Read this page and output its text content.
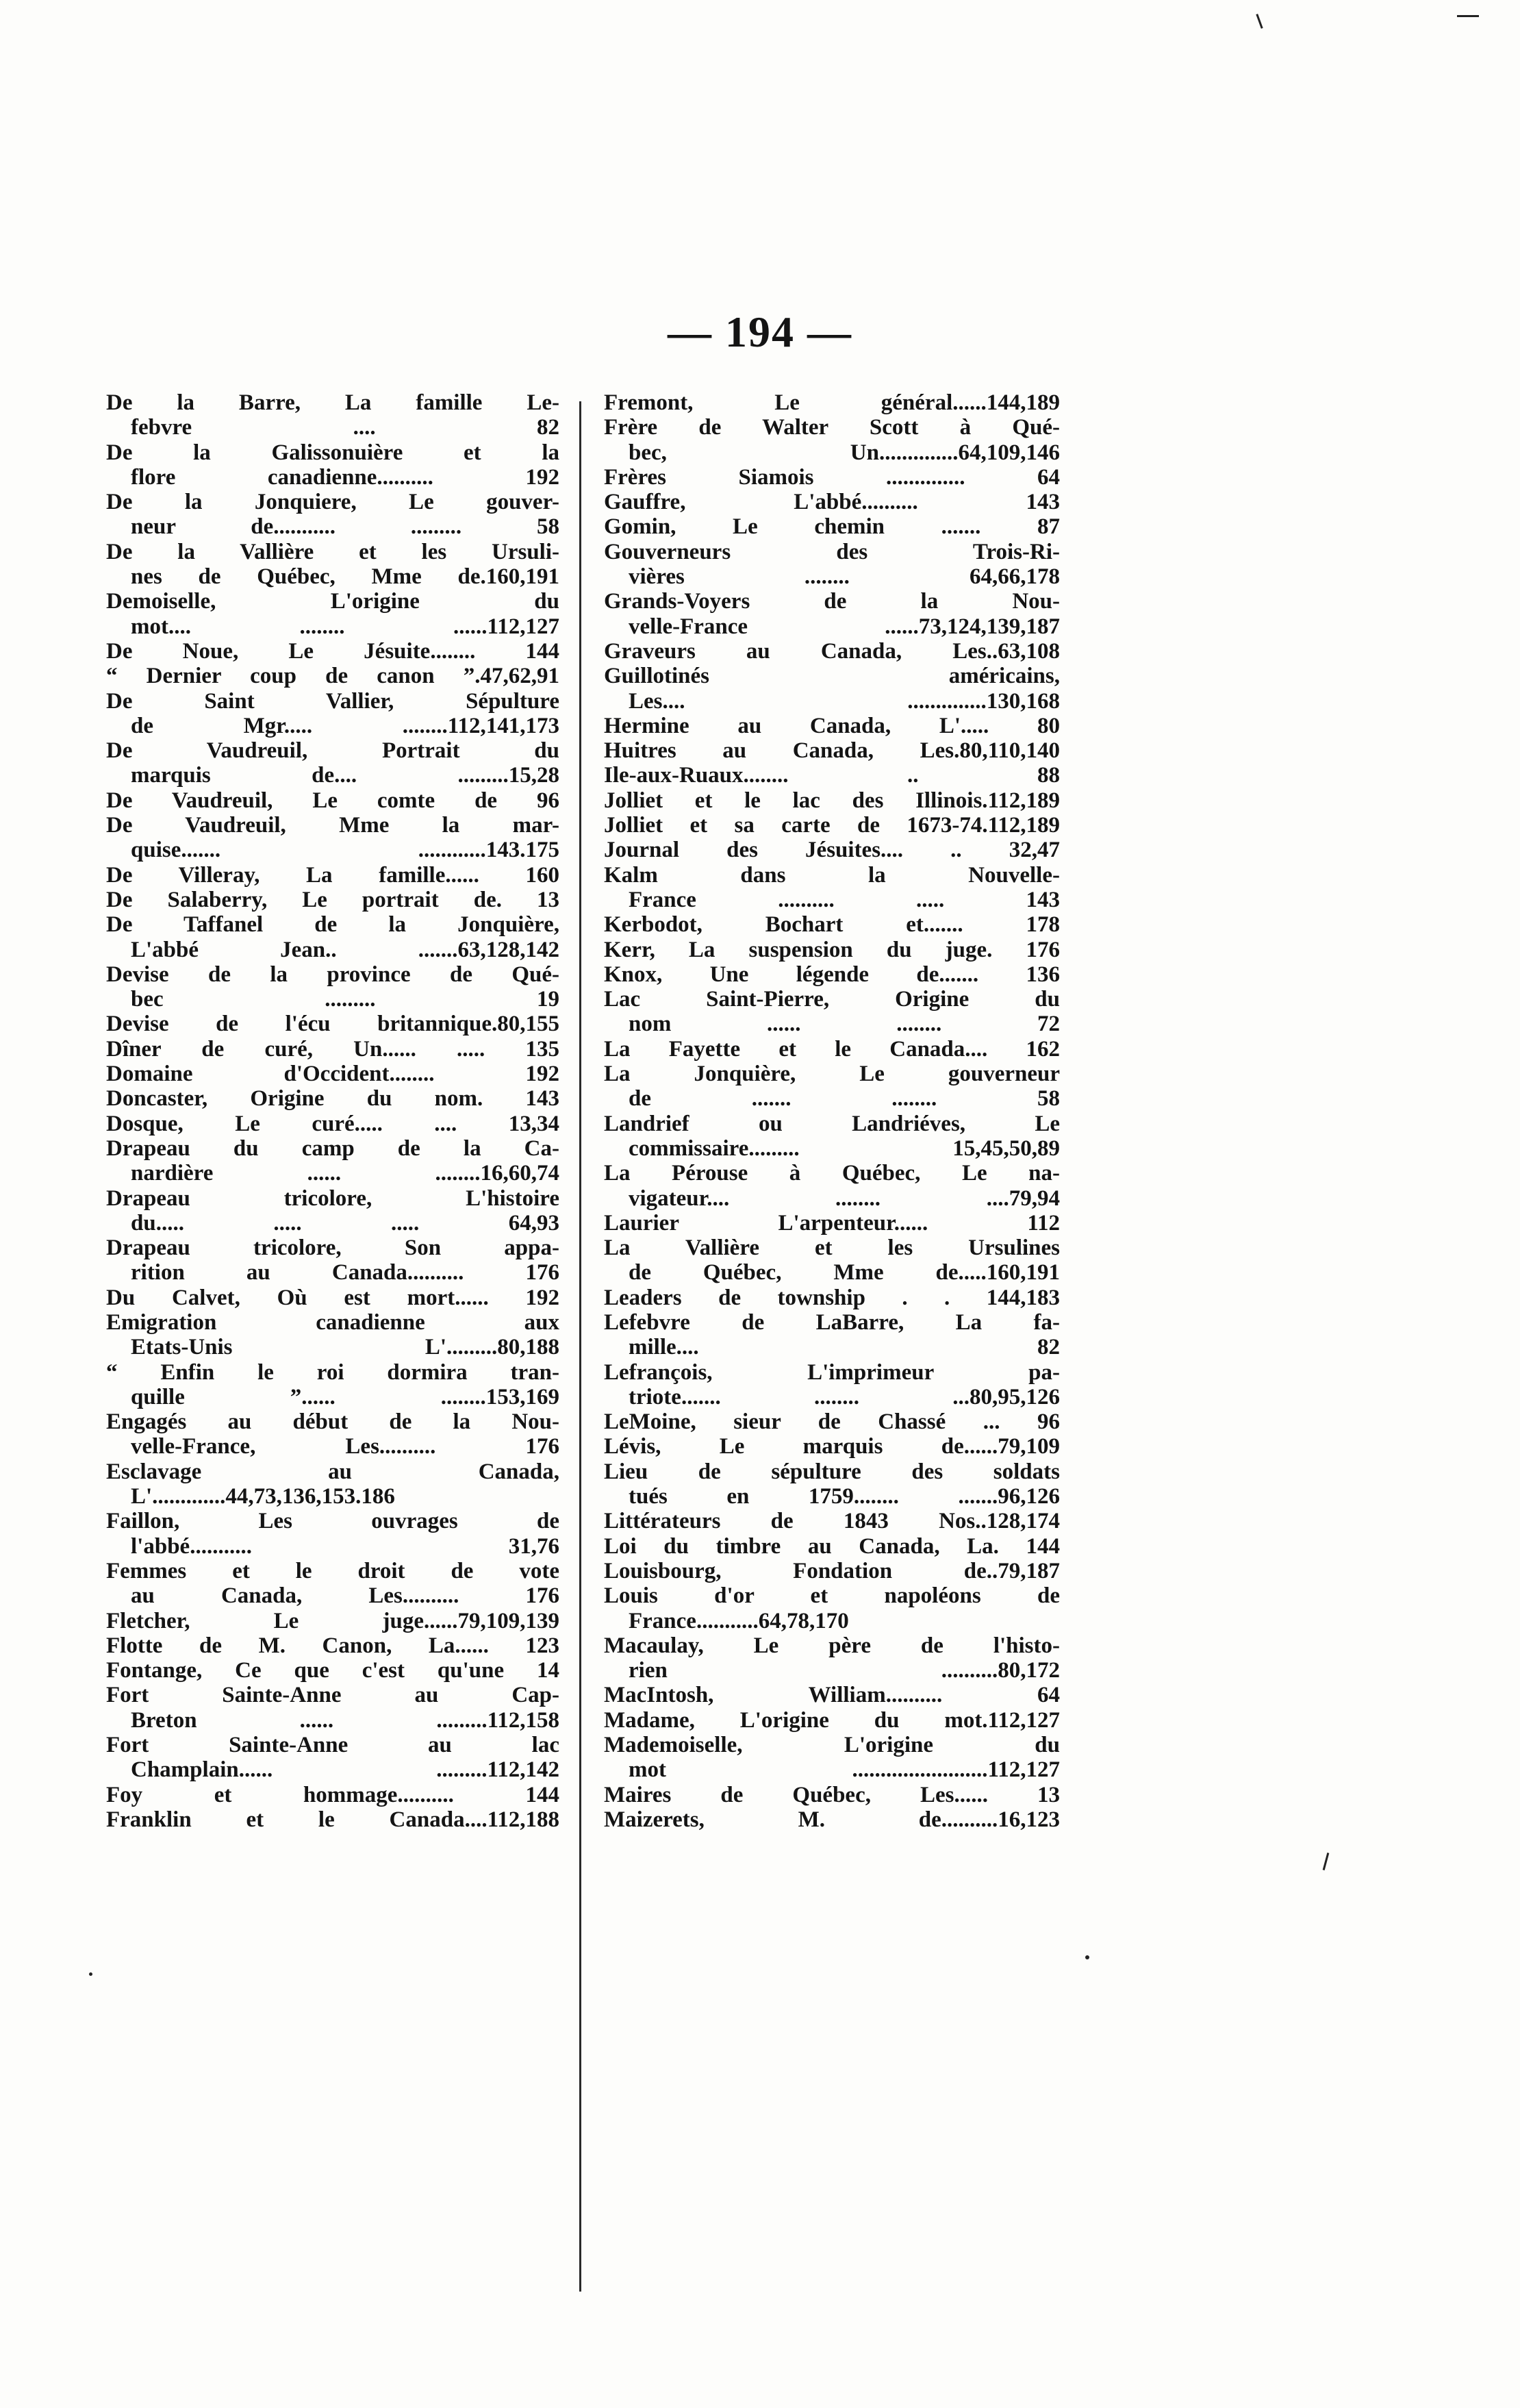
— 194 —
De la Barre, La famille Le-
febvre .... 82
De la Galissonuière et la
flore canadienne.......... 192
De la Jonquiere, Le gouver-
neur de........... ......... 58
De la Vallière et les Ursuli-
nes de Québec, Mme de.160,191
Demoiselle, L'origine du
mot.... ........ ......112,127
De Noue, Le Jésuite........ 144
“ Dernier coup de canon ”.47,62,91
De Saint Vallier, Sépulture
de Mgr..... ........112,141,173
De Vaudreuil, Portrait du
marquis de.... .........15,28
De Vaudreuil, Le comte de 96
De Vaudreuil, Mme la mar-
quise....... ............143.175
De Villeray, La famille...... 160
De Salaberry, Le portrait de. 13
De Taffanel de la Jonquière,
L'abbé Jean.. .......63,128,142
Devise de la province de Qué-
bec ......... 19
Devise de l'écu britannique.80,155
Dîner de curé, Un...... ..... 135
Domaine d'Occident........ 192
Doncaster, Origine du nom. 143
Dosque, Le curé..... .... 13,34
Drapeau du camp de la Ca-
nardière ...... ........16,60,74
Drapeau tricolore, L'histoire
du..... ..... ..... 64,93
Drapeau tricolore, Son appa-
rition au Canada.......... 176
Du Calvet, Où est mort...... 192
Emigration canadienne aux
Etats-Unis L'.........80,188
“ Enfin le roi dormira tran-
quille ”...... ........153,169
Engagés au début de la Nou-
velle-France, Les.......... 176
Esclavage au Canada,
L'.............44,73,136,153.186
Faillon, Les ouvrages de
l'abbé........... 31,76
Femmes et le droit de vote
au Canada, Les.......... 176
Fletcher, Le juge......79,109,139
Flotte de M. Canon, La...... 123
Fontange, Ce que c'est qu'une 14
Fort Sainte-Anne au Cap-
Breton ...... .........112,158
Fort Sainte-Anne au lac
Champlain...... .........112,142
Foy et hommage.......... 144
Franklin et le Canada....112,188
Fremont, Le général......144,189
Frère de Walter Scott à Qué-
bec, Un..............64,109,146
Frères Siamois .............. 64
Gauffre, L'abbé.......... 143
Gomin, Le chemin ....... 87
Gouverneurs des Trois-Ri-
vières ........ 64,66,178
Grands-Voyers de la Nou-
velle-France ......73,124,139,187
Graveurs au Canada, Les..63,108
Guillotinés américains,
Les.... ..............130,168
Hermine au Canada, L'..... 80
Huitres au Canada, Les.80,110,140
Ile-aux-Ruaux........ .. 88
Jolliet et le lac des Illinois.112,189
Jolliet et sa carte de 1673-74.112,189
Journal des Jésuites.... .. 32,47
Kalm dans la Nouvelle-
France .......... ..... 143
Kerbodot, Bochart et....... 178
Kerr, La suspension du juge. 176
Knox, Une légende de....... 136
Lac Saint-Pierre, Origine du
nom ...... ........ 72
La Fayette et le Canada.... 162
La Jonquière, Le gouverneur
de ....... ........ 58
Landrief ou Landriéves, Le
commissaire......... 15,45,50,89
La Pérouse à Québec, Le na-
vigateur.... ........ ....79,94
Laurier L'arpenteur...... 112
La Vallière et les Ursulines
de Québec, Mme de.....160,191
Leaders de township . . 144,183
Lefebvre de LaBarre, La fa-
mille.... 82
Lefrançois, L'imprimeur pa-
triote....... ........ ...80,95,126
LeMoine, sieur de Chassé ... 96
Lévis, Le marquis de......79,109
Lieu de sépulture des soldats
tués en 1759........ .......96,126
Littérateurs de 1843 Nos..128,174
Loi du timbre au Canada, La. 144
Louisbourg, Fondation de..79,187
Louis d'or et napoléons de
France...........64,78,170
Macaulay, Le père de l'histo-
rien ..........80,172
MacIntosh, William.......... 64
Madame, L'origine du mot.112,127
Mademoiselle, L'origine du
mot ........................112,127
Maires de Québec, Les...... 13
Maizerets, M. de..........16,123
